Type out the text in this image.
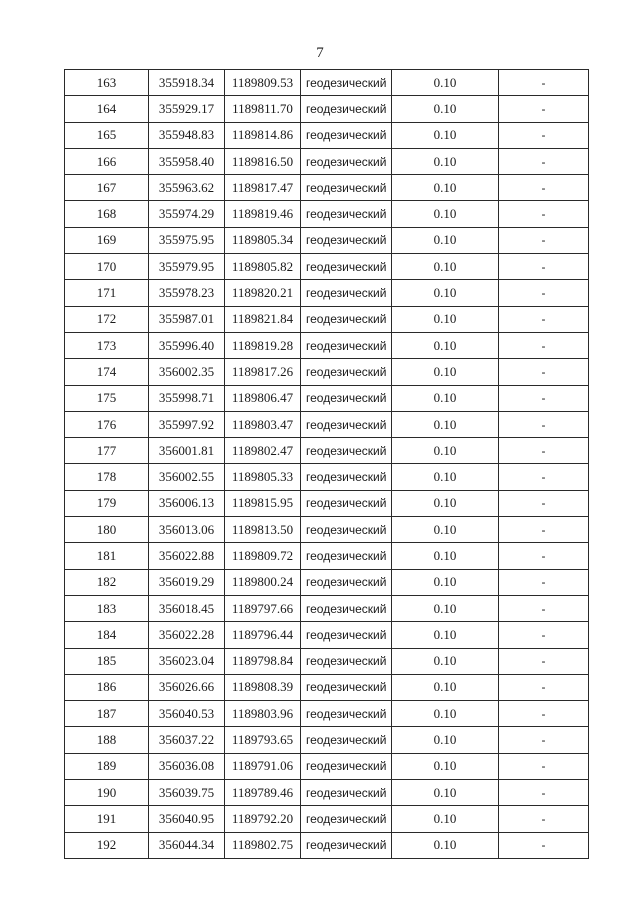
7
163	355918.34	1189809.53	геодезический	0.10	-
164	355929.17	1189811.70	геодезический	0.10	-
165	355948.83	1189814.86	геодезический	0.10	-
166	355958.40	1189816.50	геодезический	0.10	-
167	355963.62	1189817.47	геодезический	0.10	-
168	355974.29	1189819.46	геодезический	0.10	-
169	355975.95	1189805.34	геодезический	0.10	-
170	355979.95	1189805.82	геодезический	0.10	-
171	355978.23	1189820.21	геодезический	0.10	-
172	355987.01	1189821.84	геодезический	0.10	-
173	355996.40	1189819.28	геодезический	0.10	-
174	356002.35	1189817.26	геодезический	0.10	-
175	355998.71	1189806.47	геодезический	0.10	-
176	355997.92	1189803.47	геодезический	0.10	-
177	356001.81	1189802.47	геодезический	0.10	-
178	356002.55	1189805.33	геодезический	0.10	-
179	356006.13	1189815.95	геодезический	0.10	-
180	356013.06	1189813.50	геодезический	0.10	-
181	356022.88	1189809.72	геодезический	0.10	-
182	356019.29	1189800.24	геодезический	0.10	-
183	356018.45	1189797.66	геодезический	0.10	-
184	356022.28	1189796.44	геодезический	0.10	-
185	356023.04	1189798.84	геодезический	0.10	-
186	356026.66	1189808.39	геодезический	0.10	-
187	356040.53	1189803.96	геодезический	0.10	-
188	356037.22	1189793.65	геодезический	0.10	-
189	356036.08	1189791.06	геодезический	0.10	-
190	356039.75	1189789.46	геодезический	0.10	-
191	356040.95	1189792.20	геодезический	0.10	-
192	356044.34	1189802.75	геодезический	0.10	-
